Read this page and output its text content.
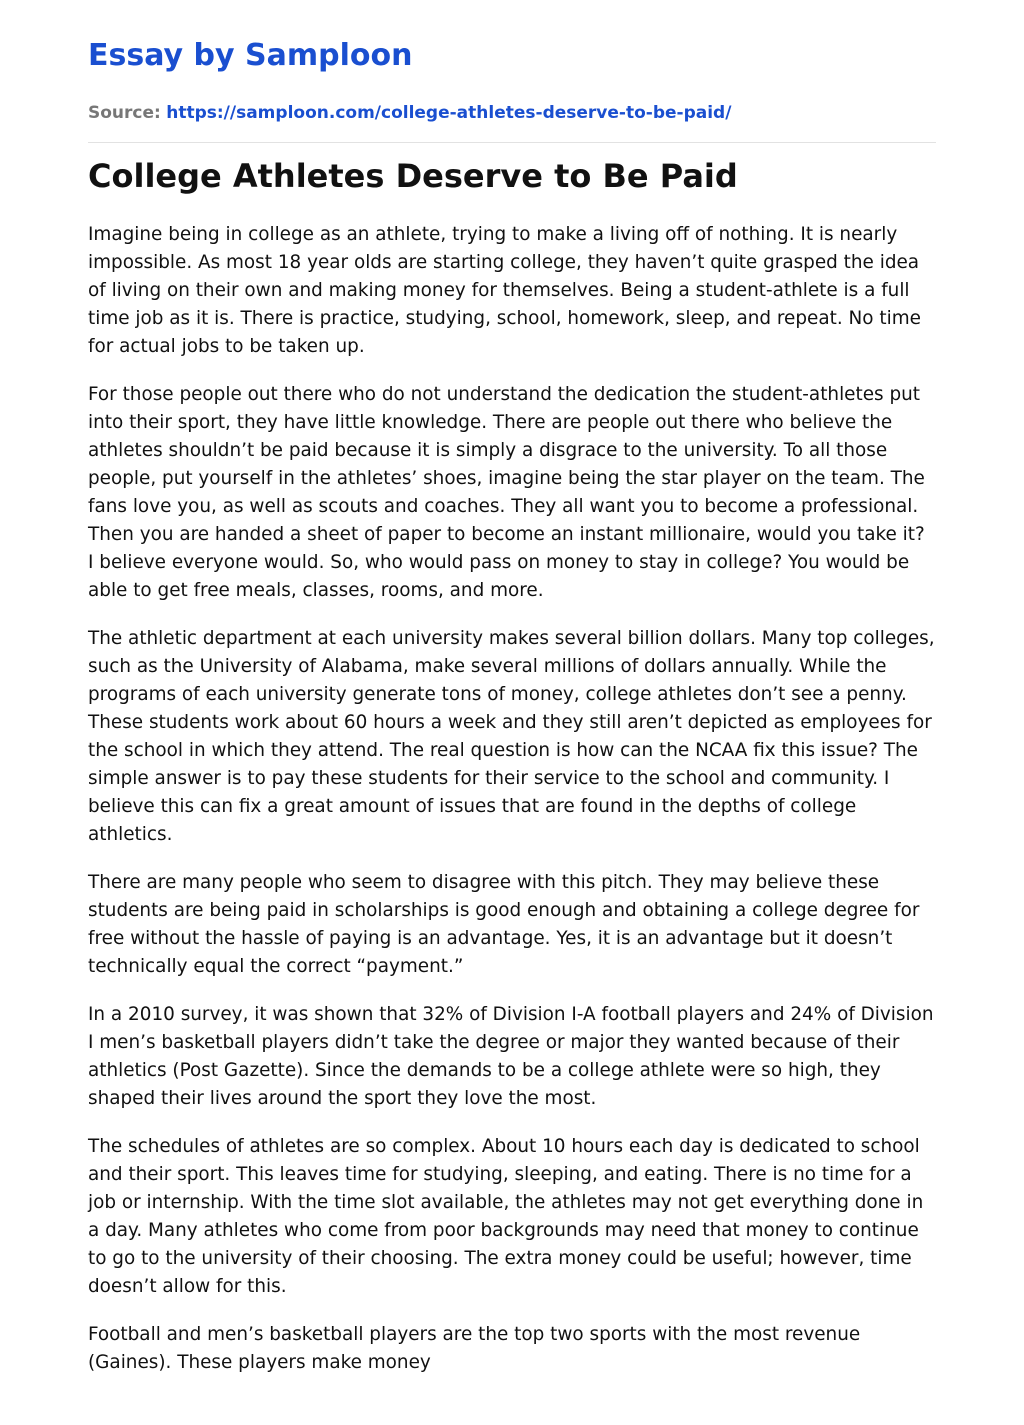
Essay by Samploon
Source: https://samploon.com/college-athletes-deserve-to-be-paid/
College Athletes Deserve to Be Paid

Imagine being in college as an athlete, trying to make a living off of nothing. It is nearly impossible. As most 18 year olds are starting college, they haven’t quite grasped the idea of living on their own and making money for themselves. Being a student-athlete is a full time job as it is. There is practice, studying, school, homework, sleep, and repeat. No time for actual jobs to be taken up.

For those people out there who do not understand the dedication the student-athletes put into their sport, they have little knowledge. There are people out there who believe the athletes shouldn’t be paid because it is simply a disgrace to the university. To all those people, put yourself in the athletes’ shoes, imagine being the star player on the team. The fans love you, as well as scouts and coaches. They all want you to become a professional. Then you are handed a sheet of paper to become an instant millionaire, would you take it? I believe everyone would. So, who would pass on money to stay in college? You would be able to get free meals, classes, rooms, and more.

The athletic department at each university makes several billion dollars. Many top colleges, such as the University of Alabama, make several millions of dollars annually. While the programs of each university generate tons of money, college athletes don’t see a penny. These students work about 60 hours a week and they still aren’t depicted as employees for the school in which they attend. The real question is how can the NCAA fix this issue? The simple answer is to pay these students for their service to the school and community. I believe this can fix a great amount of issues that are found in the depths of college athletics.

There are many people who seem to disagree with this pitch. They may believe these students are being paid in scholarships is good enough and obtaining a college degree for free without the hassle of paying is an advantage. Yes, it is an advantage but it doesn’t technically equal the correct “payment.”

In a 2010 survey, it was shown that 32% of Division I-A football players and 24% of Division I men’s basketball players didn’t take the degree or major they wanted because of their athletics (Post Gazette). Since the demands to be a college athlete were so high, they shaped their lives around the sport they love the most.

The schedules of athletes are so complex. About 10 hours each day is dedicated to school and their sport. This leaves time for studying, sleeping, and eating. There is no time for a job or internship. With the time slot available, the athletes may not get everything done in a day. Many athletes who come from poor backgrounds may need that money to continue to go to the university of their choosing. The extra money could be useful; however, time doesn’t allow for this.

Football and men’s basketball players are the top two sports with the most revenue (Gaines). These players make money
